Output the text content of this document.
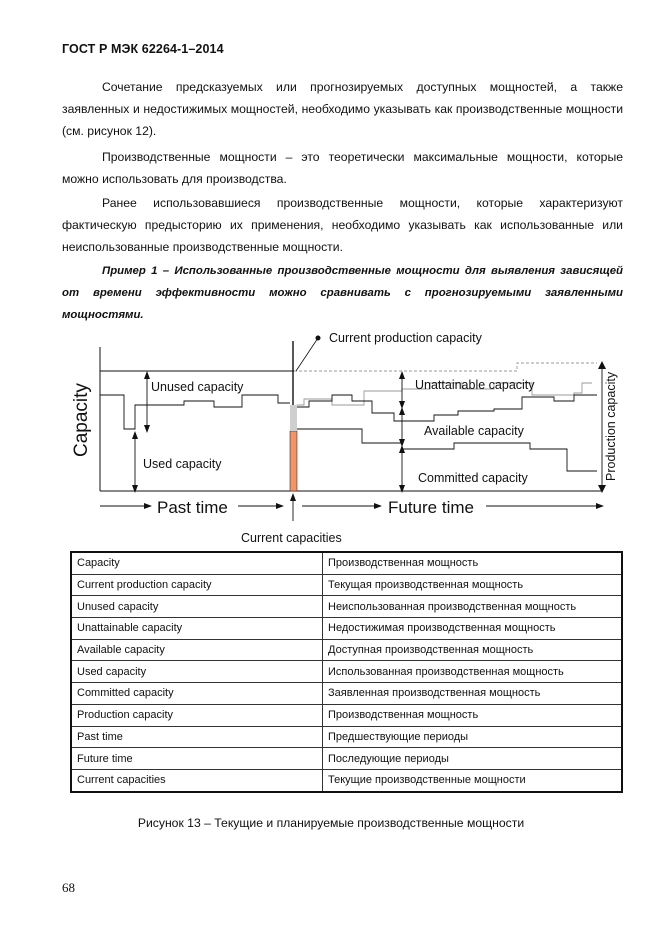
ГОСТ Р МЭК 62264-1–2014

Сочетание предсказуемых или прогнозируемых доступных мощностей, а также заявленных и недостижимых мощностей, необходимо указывать как производственные мощности (см. рисунок 12).

Производственные мощности – это теоретически максимальные мощности, которые можно использовать для производства.

Ранее использовавшиеся производственные мощности, которые характеризуют фактическую предысторию их применения, необходимо указывать как использованные или неиспользованные производственные мощности.

Пример 1 – Использованные производственные мощности для выявления зависящей от времени эффективности можно сравнивать с прогнозируемыми заявленными мощностями.

Capacity
Current production capacity
Unused capacity
Used capacity
Unattainable capacity
Available capacity
Committed capacity	Production capacity
Past time	Future time
Current capacities
Capacity	Производственная мощность
Current production capacity	Текущая производственная мощность
Unused capacity	Неиспользованная производственная мощность
Unattainable capacity	Недостижимая производственная мощность
Available capacity	Доступная производственная мощность
Used capacity	Использованная производственная мощность
Committed capacity	Заявленная производственная мощность
Production capacity	Производственная мощность
Past time	Предшествующие периоды
Future time	Последующие периоды
Current capacities	Текущие производственные мощности
Рисунок 13 – Текущие и планируемые производственные мощности
68
